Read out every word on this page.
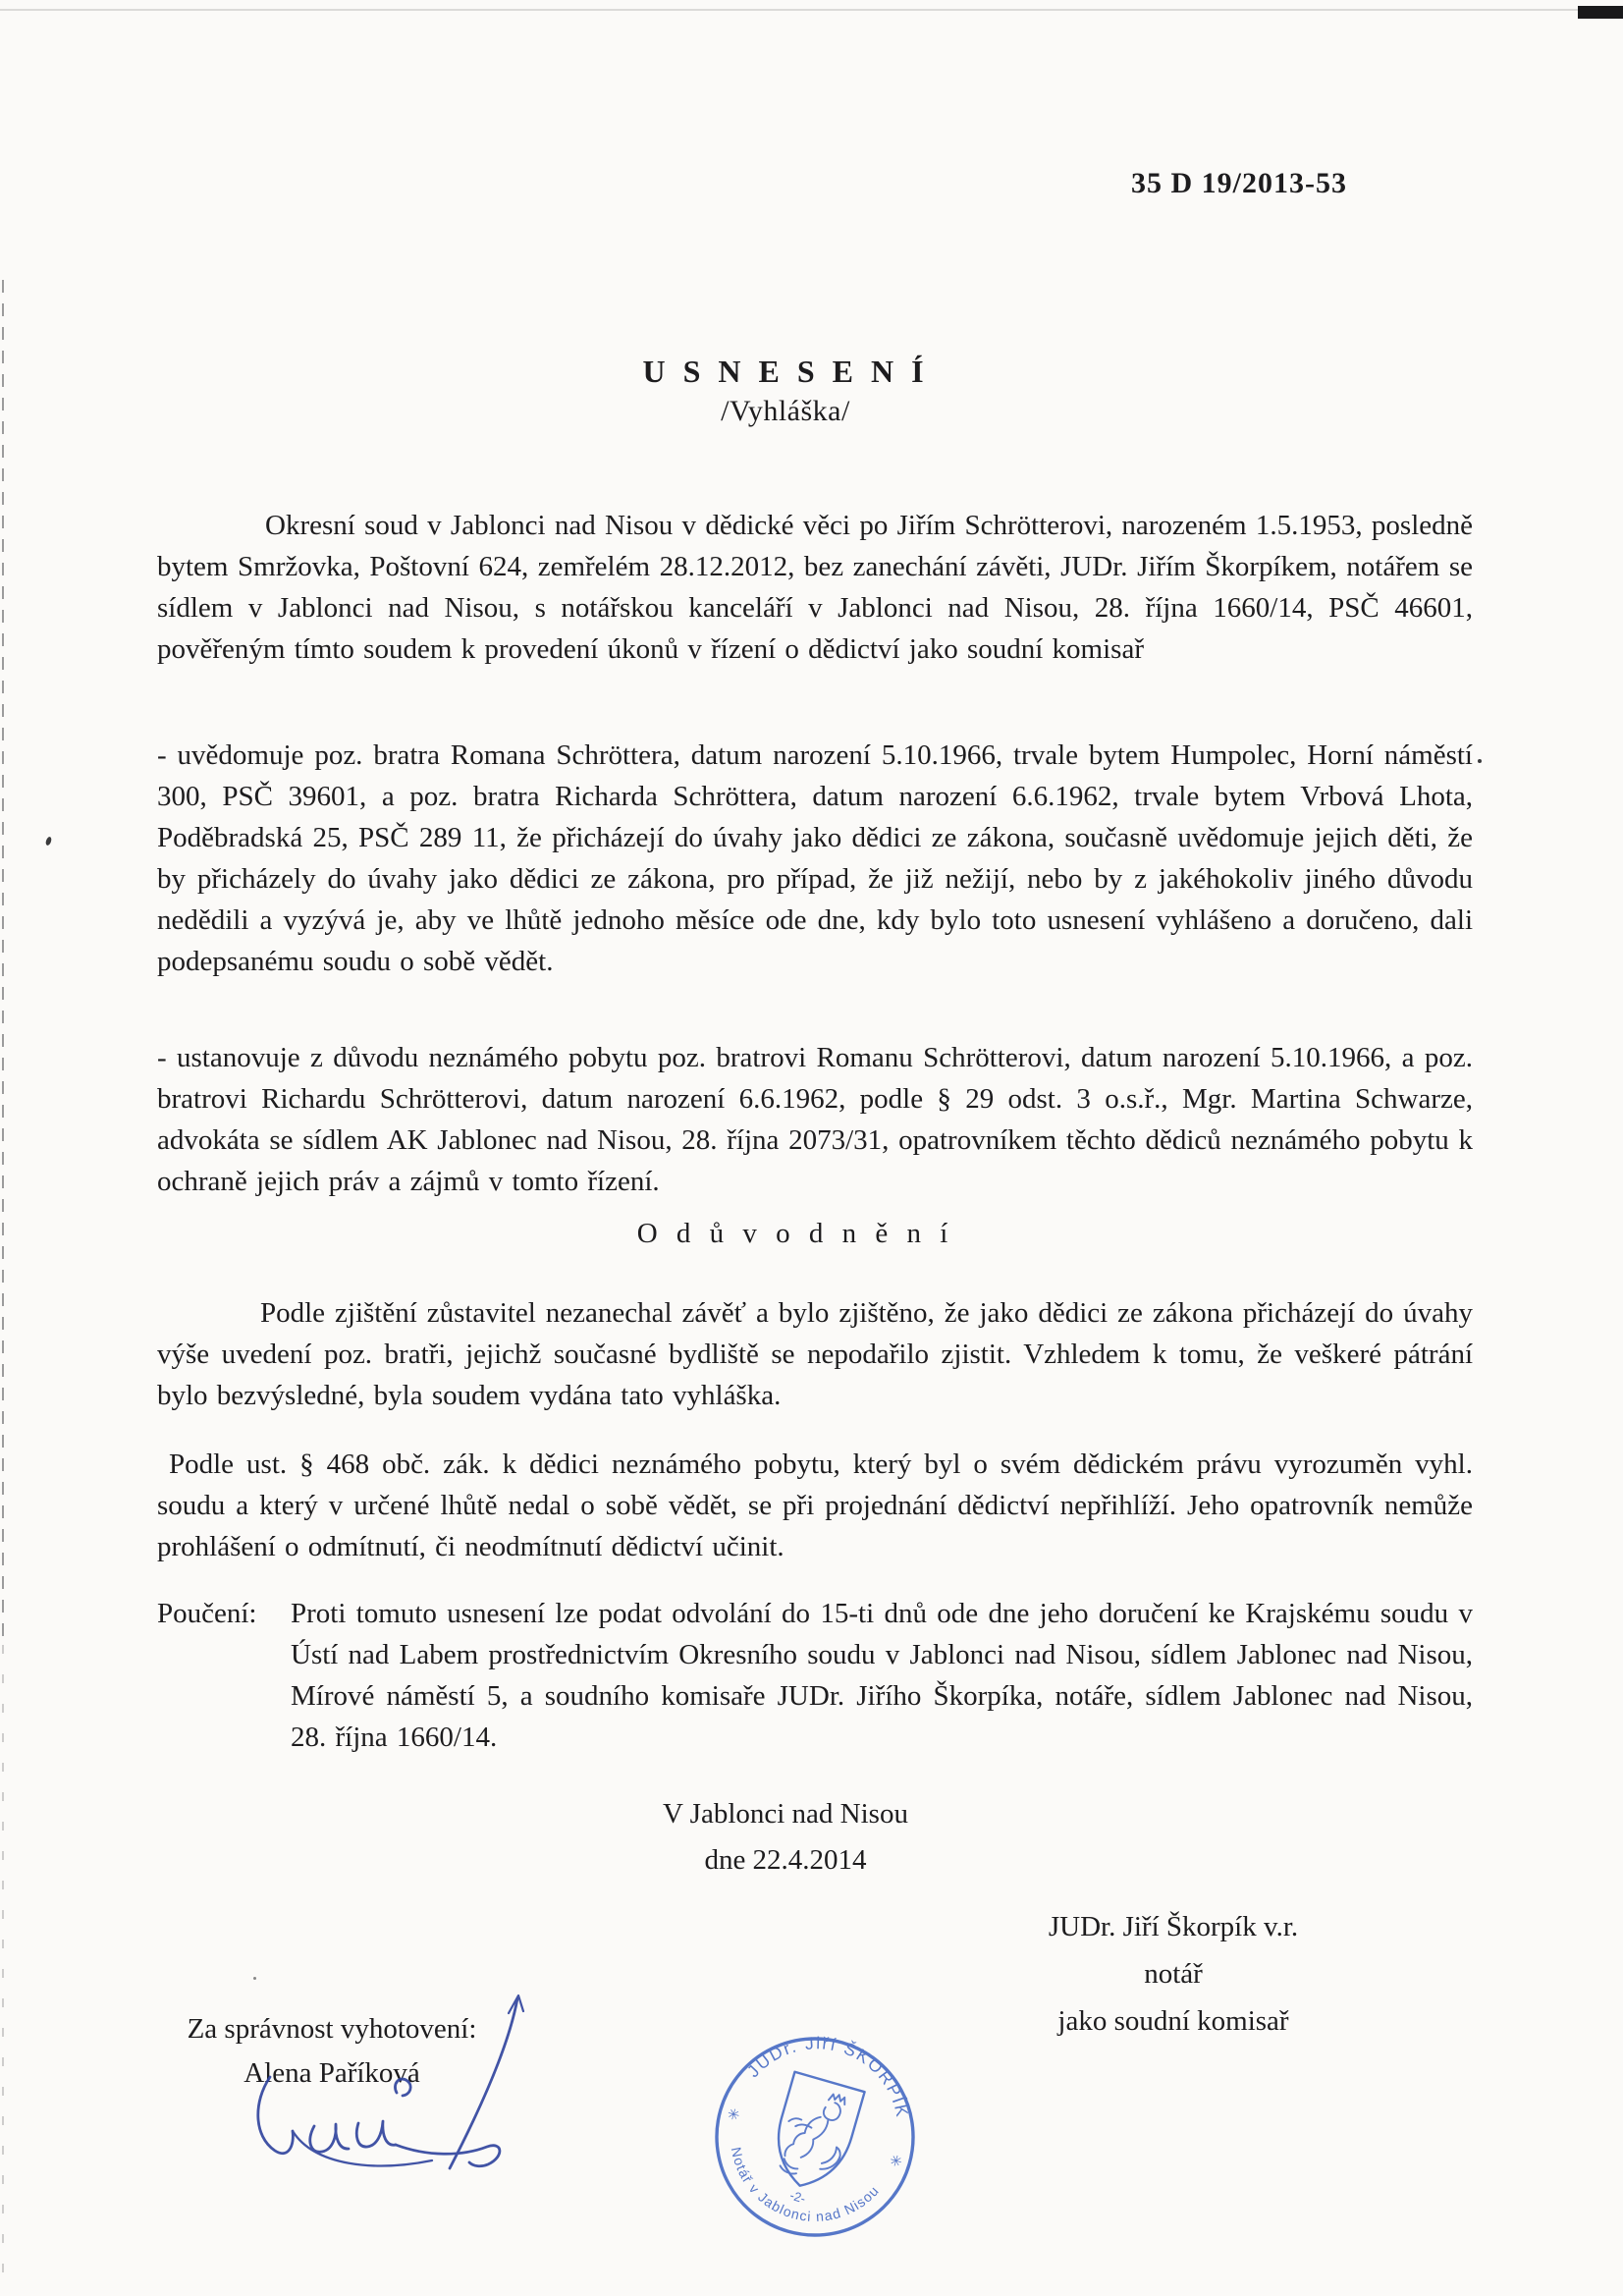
35 D 19/2013-53
U S N E S E N Í
/Vyhláška/
Okresní soud v Jablonci nad Nisou v dědické věci po Jiřím Schrötterovi, narozeném 1.5.1953, posledně bytem Smržovka, Poštovní 624, zemřelém 28.12.2012, bez zanechání závěti, JUDr. Jiřím Škorpíkem, notářem se sídlem v Jablonci nad Nisou, s notářskou kanceláří v Jablonci nad Nisou, 28. října 1660/14, PSČ 46601, pověřeným tímto soudem k provedení úkonů v řízení o dědictví jako soudní komisař
- uvědomuje poz. bratra Romana Schröttera, datum narození 5.10.1966, trvale bytem Humpolec, Horní náměstí 300, PSČ 39601, a poz. bratra Richarda Schröttera, datum narození 6.6.1962, trvale bytem Vrbová Lhota, Poděbradská 25, PSČ 289 11, že přicházejí do úvahy jako dědici ze zákona, současně uvědomuje jejich děti, že by přicházely do úvahy jako dědici ze zákona, pro případ, že již nežijí, nebo by z jakéhokoliv jiného důvodu nedědili a vyzývá je, aby ve lhůtě jednoho měsíce ode dne, kdy bylo toto usnesení vyhlášeno a doručeno, dali podepsanému soudu o sobě vědět.
- ustanovuje z důvodu neznámého pobytu poz. bratrovi Romanu Schrötterovi, datum narození 5.10.1966, a poz. bratrovi Richardu Schrötterovi, datum narození 6.6.1962, podle § 29 odst. 3 o.s.ř., Mgr. Martina Schwarze, advokáta se sídlem AK Jablonec nad Nisou, 28. října 2073/31, opatrovníkem těchto dědiců neznámého pobytu k ochraně jejich práv a zájmů v tomto řízení.
O d ů v o d n ě n í
Podle zjištění zůstavitel nezanechal závěť a bylo zjištěno, že jako dědici ze zákona přicházejí do úvahy výše uvedení poz. bratři, jejichž současné bydliště se nepodařilo zjistit. Vzhledem k tomu, že veškeré pátrání bylo bezvýsledné, byla soudem vydána tato vyhláška.
Podle ust. § 468 obč. zák. k dědici neznámého pobytu, který byl o svém dědickém právu vyrozuměn vyhl. soudu a který v určené lhůtě nedal o sobě vědět, se při projednání dědictví nepřihlíží. Jeho opatrovník nemůže prohlášení o odmítnutí, či neodmítnutí dědictví učinit.
Poučení: Proti tomuto usnesení lze podat odvolání do 15-ti dnů ode dne jeho doručení ke Krajskému soudu v Ústí nad Labem prostřednictvím Okresního soudu v Jablonci nad Nisou, sídlem Jablonec nad Nisou, Mírové náměstí 5, a soudního komisaře JUDr. Jiřího Škorpíka, notáře, sídlem Jablonec nad Nisou, 28. října 1660/14.
V Jablonci nad Nisou
dne 22.4.2014
JUDr. Jiří Škorpík v.r.
notář
jako soudní komisař
Za správnost vyhotovení:
Alena Paříková	JUDr. Jiří ŠKORPÍK
Notář v Jablonci nad Nisou
✳
✳
-2-
